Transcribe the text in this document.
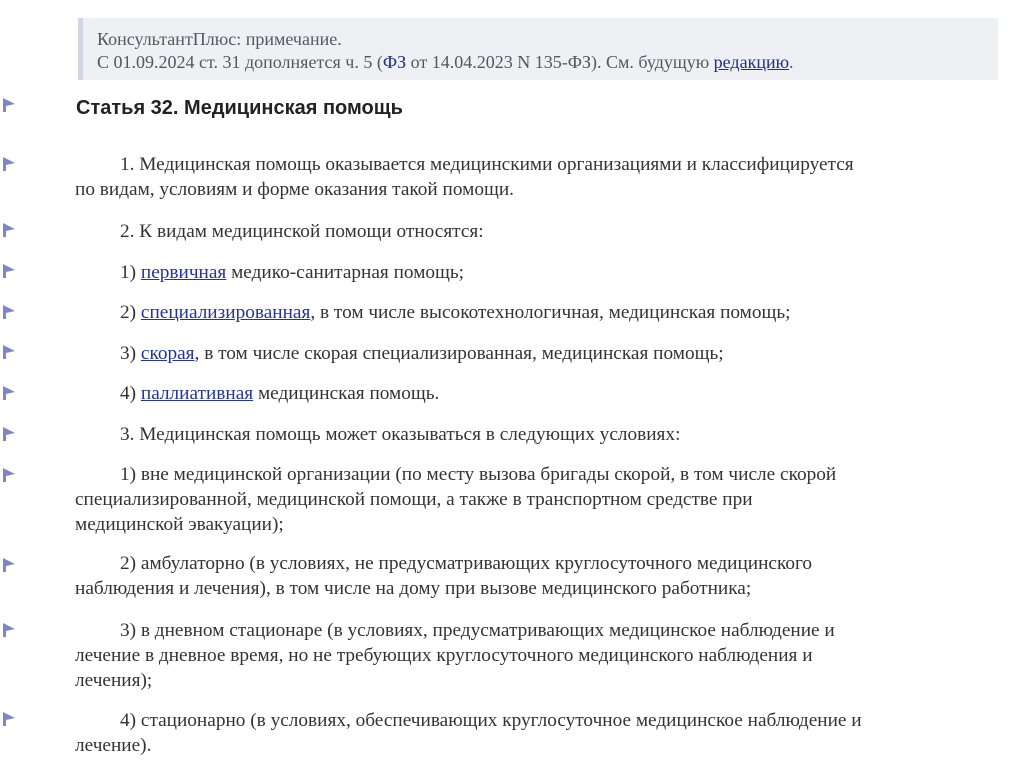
КонсультантПлюс: примечание.
С 01.09.2024 ст. 31 дополняется ч. 5 (ФЗ от 14.04.2023 N 135-ФЗ). См. будущую редакцию.
Статья 32. Медицинская помощь
1. Медицинская помощь оказывается медицинскими организациями и классифицируется
по видам, условиям и форме оказания такой помощи.
2. К видам медицинской помощи относятся:
1) первичная медико-санитарная помощь;
2) специализированная, в том числе высокотехнологичная, медицинская помощь;
3) скорая, в том числе скорая специализированная, медицинская помощь;
4) паллиативная медицинская помощь.
3. Медицинская помощь может оказываться в следующих условиях:
1) вне медицинской организации (по месту вызова бригады скорой, в том числе скорой
специализированной, медицинской помощи, а также в транспортном средстве при
медицинской эвакуации);
2) амбулаторно (в условиях, не предусматривающих круглосуточного медицинского
наблюдения и лечения), в том числе на дому при вызове медицинского работника;
3) в дневном стационаре (в условиях, предусматривающих медицинское наблюдение и
лечение в дневное время, но не требующих круглосуточного медицинского наблюдения и
лечения);
4) стационарно (в условиях, обеспечивающих круглосуточное медицинское наблюдение и
лечение).
